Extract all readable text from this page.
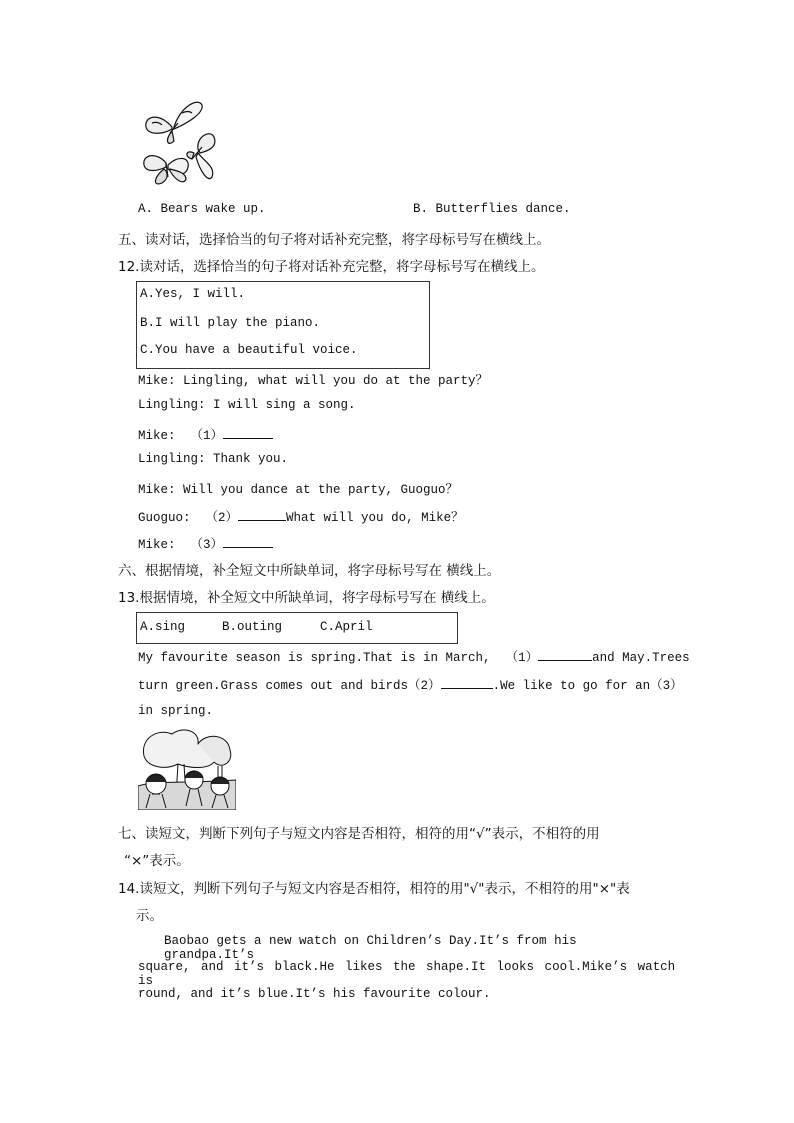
A. Bears wake up.	B. Butterflies dance.
五、读对话，选择恰当的句子将对话补充完整，将字母标号写在横线上。
12.读对话，选择恰当的句子将对话补充完整，将字母标号写在横线上。
A.Yes, I will.
B.I will play the piano.
C.You have a beautiful voice.
Mike: Lingling, what will you do at the party？
Lingling: I will sing a song.
Mike: （1）
Lingling: Thank you.
Mike: Will you dance at the party, Guoguo？
Guoguo: （2）	What will you do, Mike？
Mike: （3）
六、根据情境，补全短文中所缺单词，将字母标号写在 横线上。
13.根据情境，补全短文中所缺单词，将字母标号写在 横线上。
A.sing	B.outing	C.April
My favourite season is spring.That is in March, （1）	and May.Trees
turn green.Grass comes out and birds（2）	.We like to go for an（3）
in spring.
七、读短文，判断下列句子与短文内容是否相符，相符的用“√”表示，不相符的用
“×”表示。
14.读短文，判断下列句子与短文内容是否相符，相符的用"√"表示，不相符的用"×"表
示。
Baobao gets a new watch on Children’s Day.It’s from his grandpa.It’s
square, and it’s black.He likes the shape.It looks cool.Mike’s watch is
round, and it’s blue.It’s his favourite colour.
